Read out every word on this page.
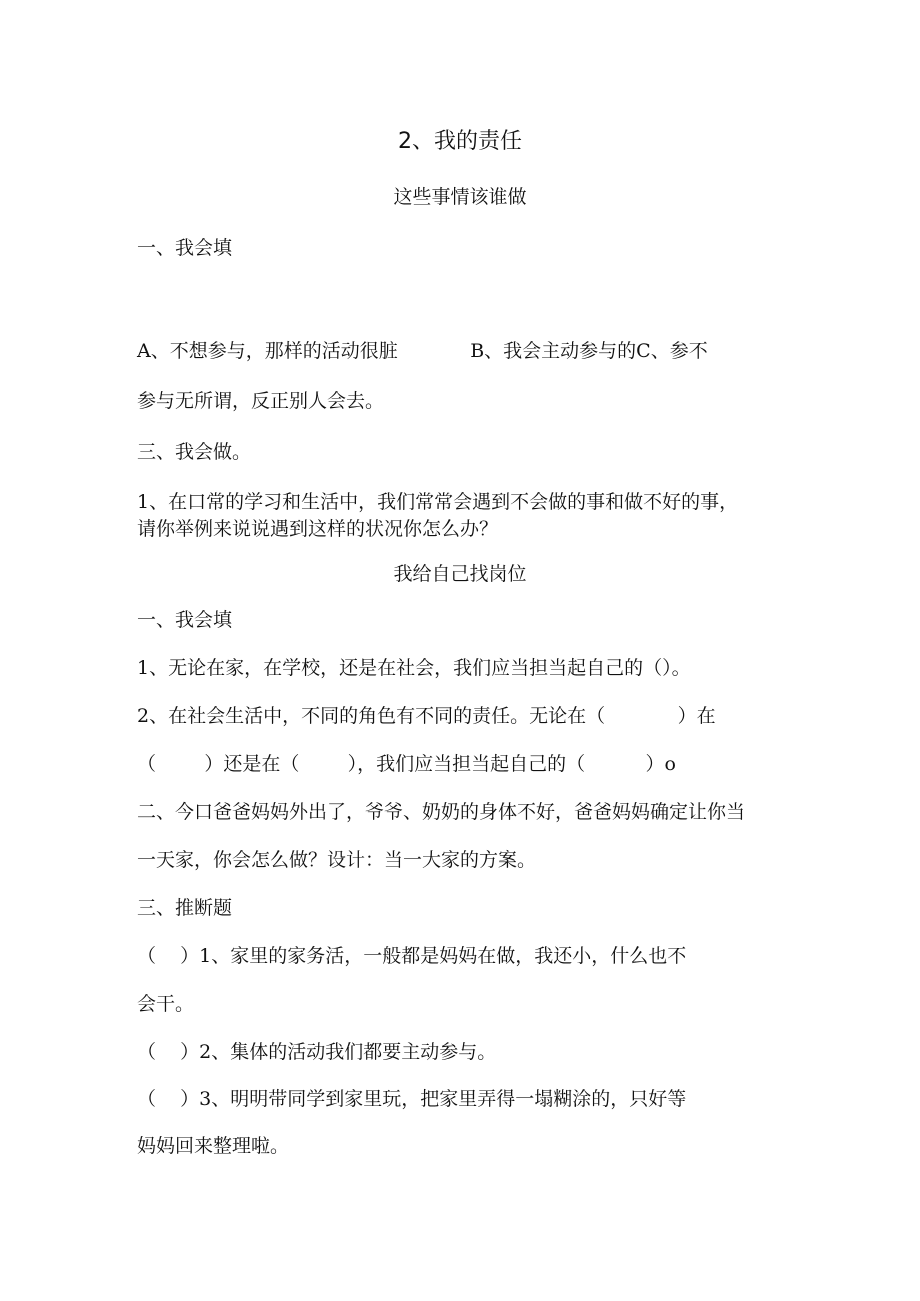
2、我的责任
这些事情该谁做
一、我会填
A、不想参与，那样的活动很脏            B、我会主动参与的C、参不
参与无所谓，反正别人会去。
三、我会做。
1、在口常的学习和生活中，我们常常会遇到不会做的事和做不好的事，
请你举例来说说遇到这样的状况你怎么办？
我给自己找岗位
一、我会填
1、无论在家，在学校，还是在社会，我们应当担当起自己的（）。
2、在社会生活中，不同的角色有不同的责任。无论在（            ）在
（        ）还是在（        ），我们应当担当起自己的（          ）o
二、今口爸爸妈妈外出了，爷爷、奶奶的身体不好，爸爸妈妈确定让你当
一天家，你会怎么做？设计：当一大家的方案。
三、推断题
（    ）1、家里的家务活，一般都是妈妈在做，我还小，什么也不
会干。
（    ）2、集体的活动我们都要主动参与。
（    ）3、明明带同学到家里玩，把家里弄得一塌糊涂的，只好等
妈妈回来整理啦。
